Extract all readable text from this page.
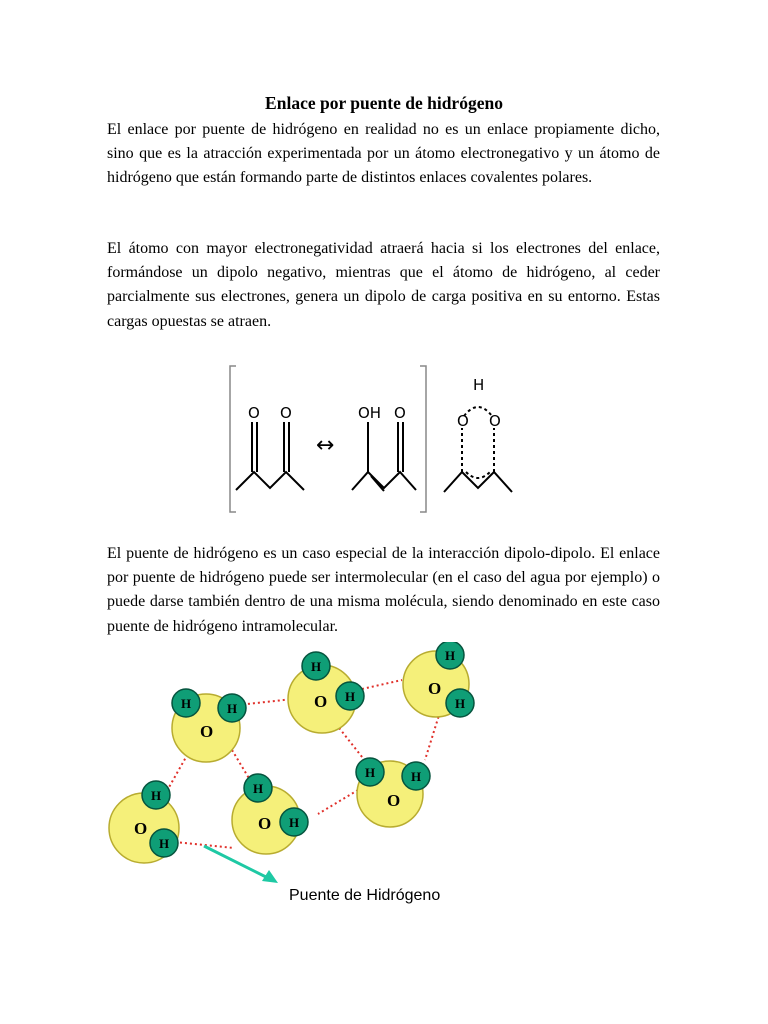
Enlace por puente de hidrógeno

El enlace por puente de hidrógeno en realidad no es un enlace propiamente dicho, sino que es la atracción experimentada por un átomo electronegativo y un átomo de hidrógeno que están formando parte de distintos enlaces covalentes polares.

El átomo con mayor electronegatividad atraerá hacia si los electrones del enlace, formándose un dipolo negativo, mientras que el átomo de hidrógeno, al ceder parcialmente sus electrones, genera un dipolo de carga positiva en su entorno. Estas cargas opuestas se atraen.

O O
↔
OH O
H
O O

El puente de hidrógeno es un caso especial de la interacción dipolo-dipolo. El enlace por puente de hidrógeno puede ser intermolecular (en el caso del agua por ejemplo) o puede darse también dentro de una misma molécula, siendo denominado en este caso puente de hidrógeno intramolecular.

O
H	H	O
H
H	O
H
H
O
H	H
O
H
H
O
H
H
Puente de Hidrógeno
